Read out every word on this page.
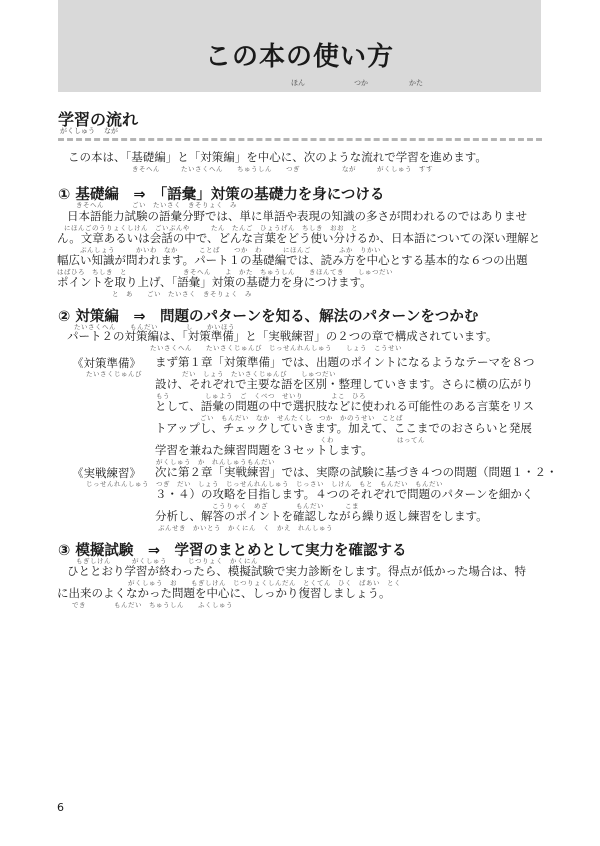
この本の使い方
ほん	つか	かた
学習の流れ
がくしゅう なが
この本は、「基礎編」と「対策編」を中心に、次のような流れで学習を進めます。
きそへん　　　たいさくへん　　ちゅうしん　　つぎ　　　　　　なが　　　がくしゅう　すす
① 基礎編　⇒　「語彙」対策の基礎力を身につける
きそへん　　　　ごい　たいさく　きそりょく　み
日本語能力試験の語彙分野では、単に単語や表現の知識の多さが問われるのではありませ
にほんごのうりょくしけん　ごいぶんや　　　たん　たんご　ひょうげん　ちしき　おお　と
ん。文章あるいは会話の中で、どんな言葉をどう使い分けるか、日本語についての深い理解と
ぶんしょう　　　かいわ　なか　　　ことば　　つか　わ　　　にほんご　　　　ふか　りかい
幅広い知識が問われます。パート１の基礎編では、読み方を中心とする基本的な６つの出題
はばひろ　ちしき　と　　　　　　　　きそへん　　よ　かた　ちゅうしん　　きほんてき　　しゅつだい
ポイントを取り上げ、「語彙」対策の基礎力を身につけます。
と　あ　　ごい　たいさく　きそりょく　み
② 対策編　⇒　問題のパターンを知る、解法のパターンをつかむ
たいさくへん　　もんだい　　　　し　　かいほう
パート２の対策編は、「対策準備」と「実戦練習」の２つの章で構成されています。
たいさくへん　　たいさくじゅんび　じっせんれんしゅう　　しょう　こうせい
《対策準備》
たいさくじゅんび
まず第１章「対策準備」では、出題のポイントになるようなテーマを８つ
だい　しょう　たいさくじゅんび　　しゅつだい
設け、それぞれで主要な語を区別・整理していきます。さらに横の広がり
もう　　　　　しゅよう　ご　くべつ　せいり　　　　よこ　ひろ
として、語彙の問題の中で選択肢などに使われる可能性のある言葉をリス
ごい　もんだい　なか　せんたくし　つか　かのうせい　ことば
トアップし、チェックしていきます。加えて、ここまでのおさらいと発展
くわ　　　　　　　　　はってん
学習を兼ねた練習問題を３セットします。
がくしゅう　か　れんしゅうもんだい
《実戦練習》
じっせんれんしゅう
次に第２章「実戦練習」では、実際の試験に基づき４つの問題（問題１・２・
つぎ　だい　しょう　じっせんれんしゅう　じっさい　しけん　もと　もんだい　もんだい
３・４）の攻略を目指します。４つのそれぞれで問題のパターンを細かく
こうりゃく　めざ　　　　もんだい　　　こま
分析し、解答のポイントを確認しながら繰り返し練習をします。
ぶんせき　かいとう　かくにん　く　かえ　れんしゅう
③ 模擬試験　⇒　学習のまとめとして実力を確認する
もぎしけん　　　がくしゅう　　　じつりょく　かくにん
ひととおり学習が終わったら、模擬試験で実力診断をします。得点が低かった場合は、特
がくしゅう　お　　もぎしけん　じつりょくしんだん　とくてん　ひく　ばあい　とく
に出来のよくなかった問題を中心に、しっかり復習しましょう。
でき　　　　もんだい　ちゅうしん　　ふくしゅう
6
